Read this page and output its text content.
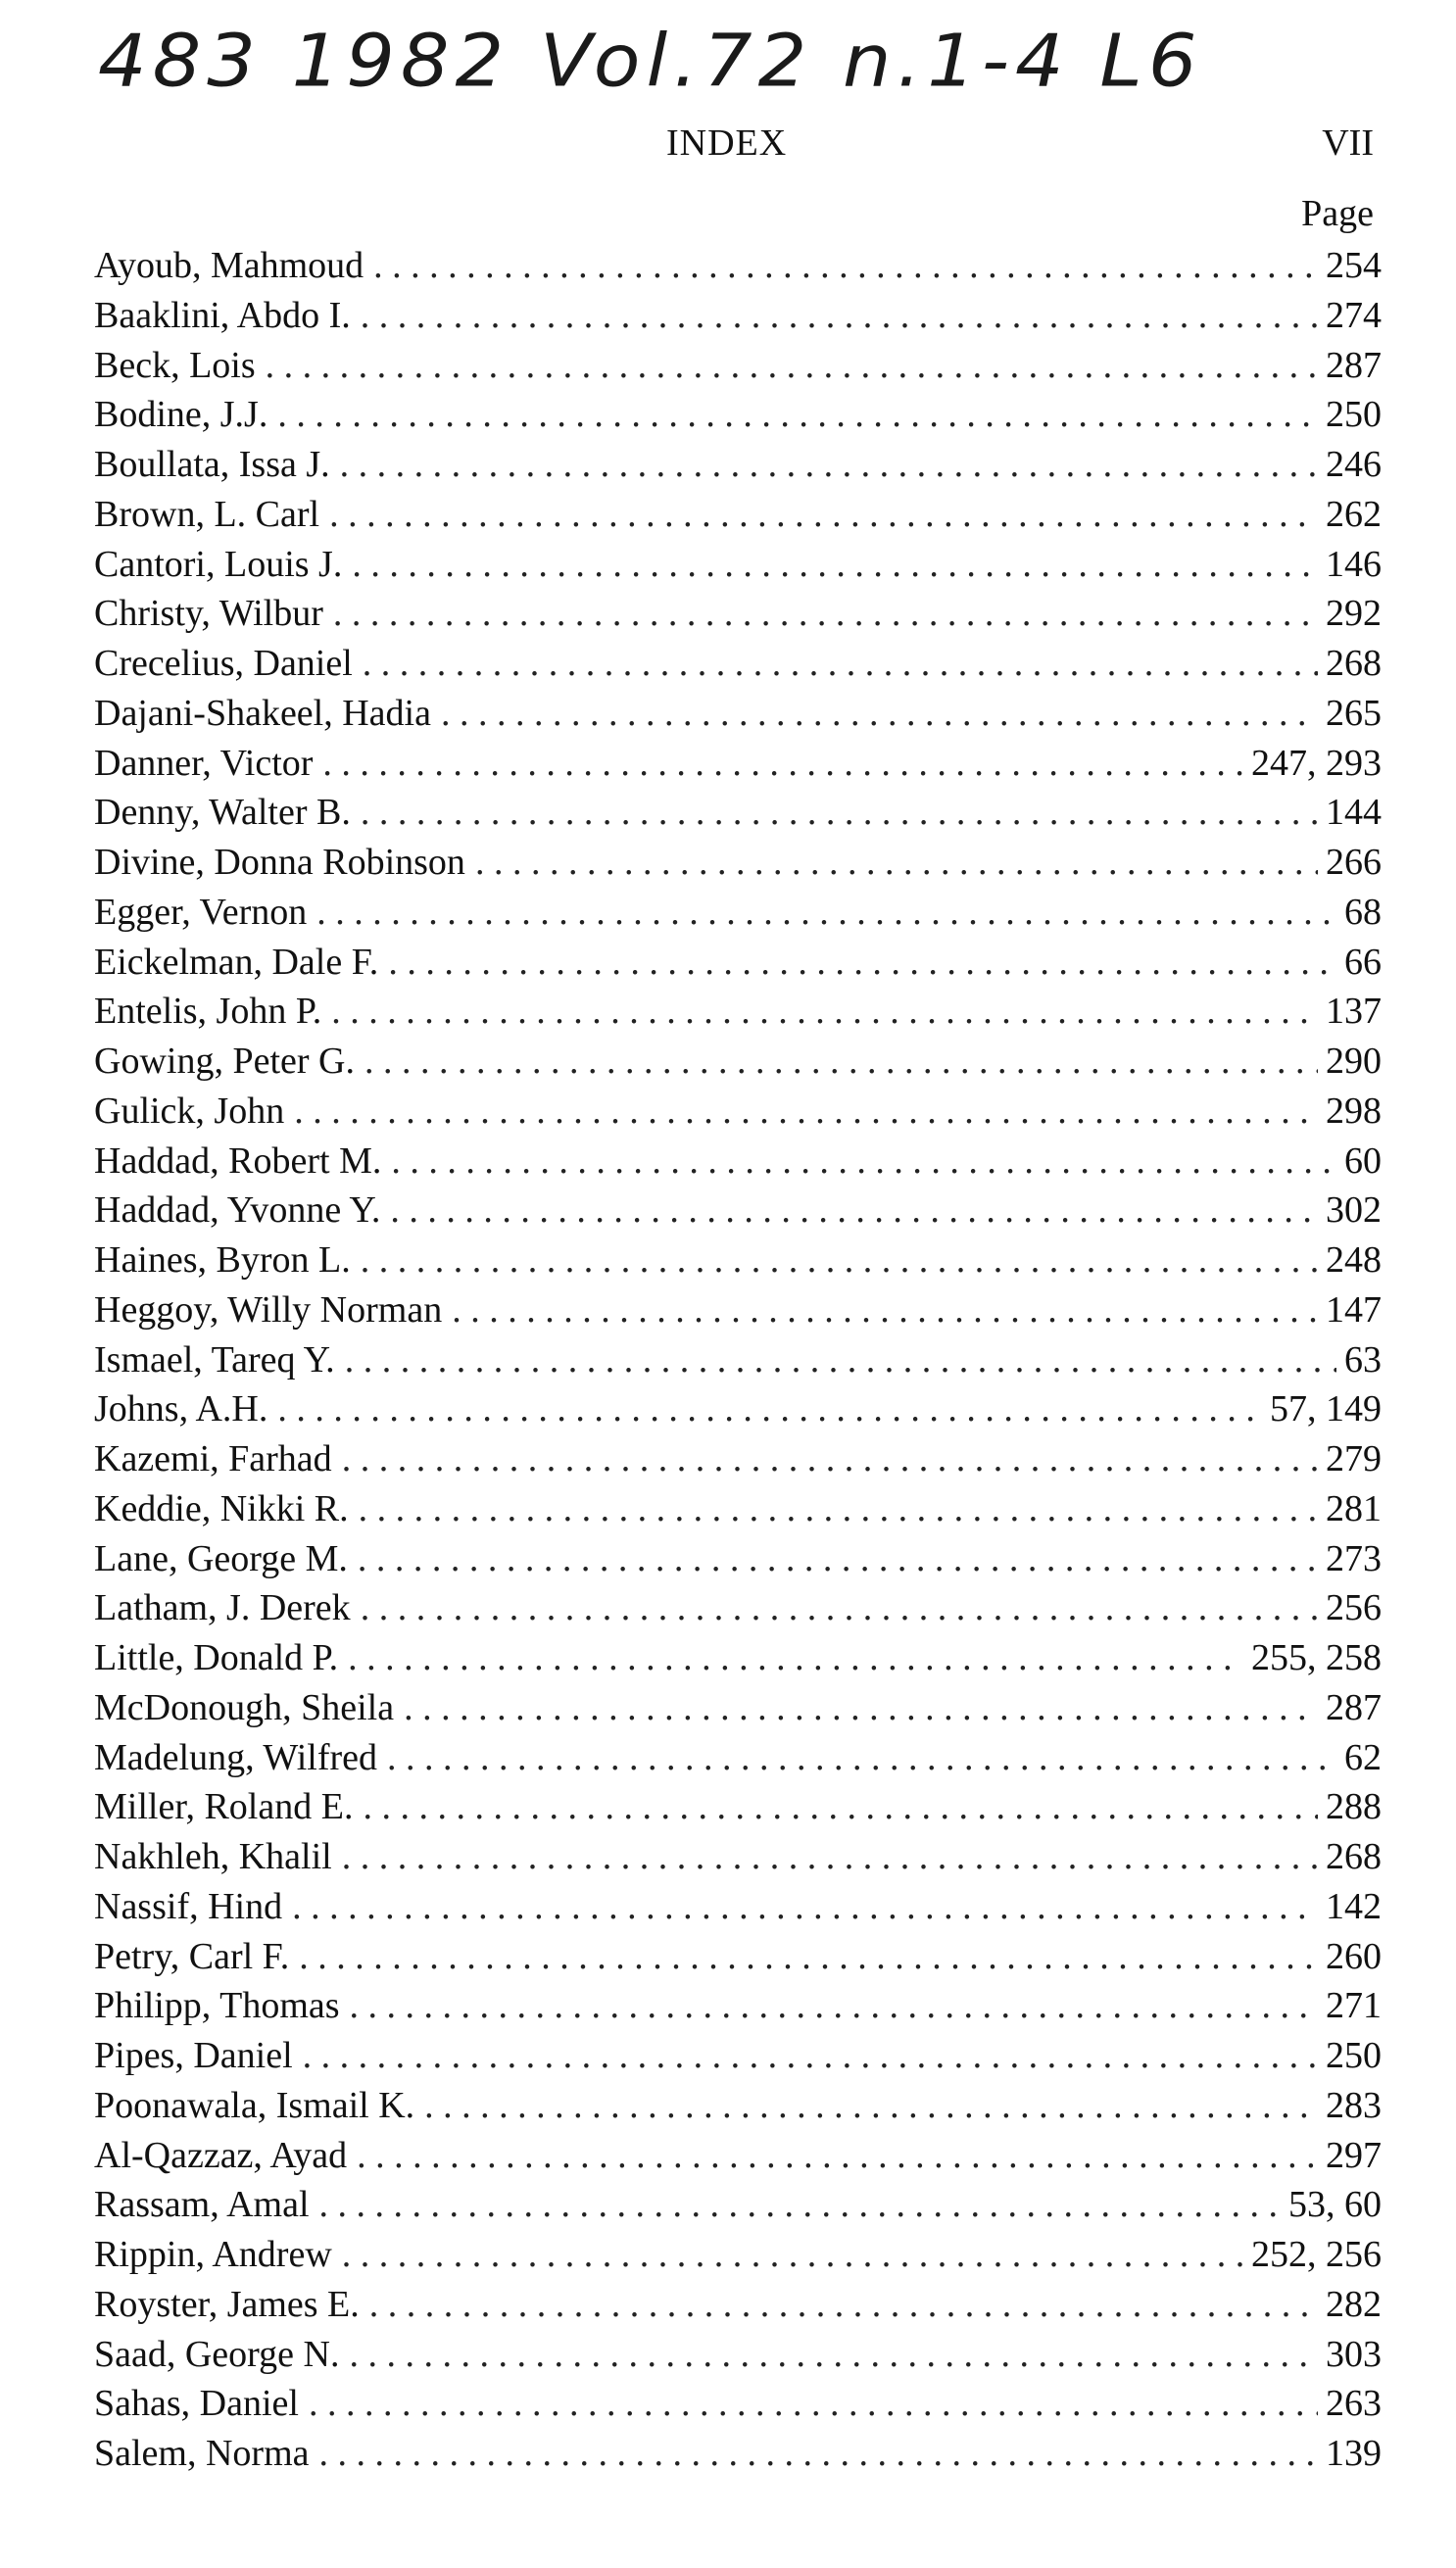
483 1982 Vol.72 n.1-4 L6
INDEX	VII
Page
Ayoub, Mahmoud . . .	254
Baaklini, Abdo I. . . .	274
Beck, Lois . . .	287
Bodine, J.J. . . .	250
Boullata, Issa J. . . .	246
Brown, L. Carl . . .	262
Cantori, Louis J. . . .	146
Christy, Wilbur . . .	292
Crecelius, Daniel . . .	268
Dajani-Shakeel, Hadia . . .	265
Danner, Victor . . .	247, 293
Denny, Walter B. . . .	144
Divine, Donna Robinson . . .	266
Egger, Vernon . . .	68
Eickelman, Dale F. . . .	66
Entelis, John P. . . .	137
Gowing, Peter G. . . .	290
Gulick, John . . .	298
Haddad, Robert M. . . .	60
Haddad, Yvonne Y. . . .	302
Haines, Byron L. . . .	248
Heggoy, Willy Norman . . .	147
Ismael, Tareq Y. . . .	63
Johns, A.H. . . .	57, 149
Kazemi, Farhad . . .	279
Keddie, Nikki R. . . .	281
Lane, George M. . . .	273
Latham, J. Derek . . .	256
Little, Donald P. . . .	255, 258
McDonough, Sheila . . .	287
Madelung, Wilfred . . .	62
Miller, Roland E. . . .	288
Nakhleh, Khalil . . .	268
Nassif, Hind . . .	142
Petry, Carl F. . . .	260
Philipp, Thomas . . .	271
Pipes, Daniel . . .	250
Poonawala, Ismail K. . . .	283
Al-Qazzaz, Ayad . . .	297
Rassam, Amal . . .	53, 60
Rippin, Andrew . . .	252, 256
Royster, James E. . . .	282
Saad, George N. . . .	303
Sahas, Daniel . . .	263
Salem, Norma . . .	139
